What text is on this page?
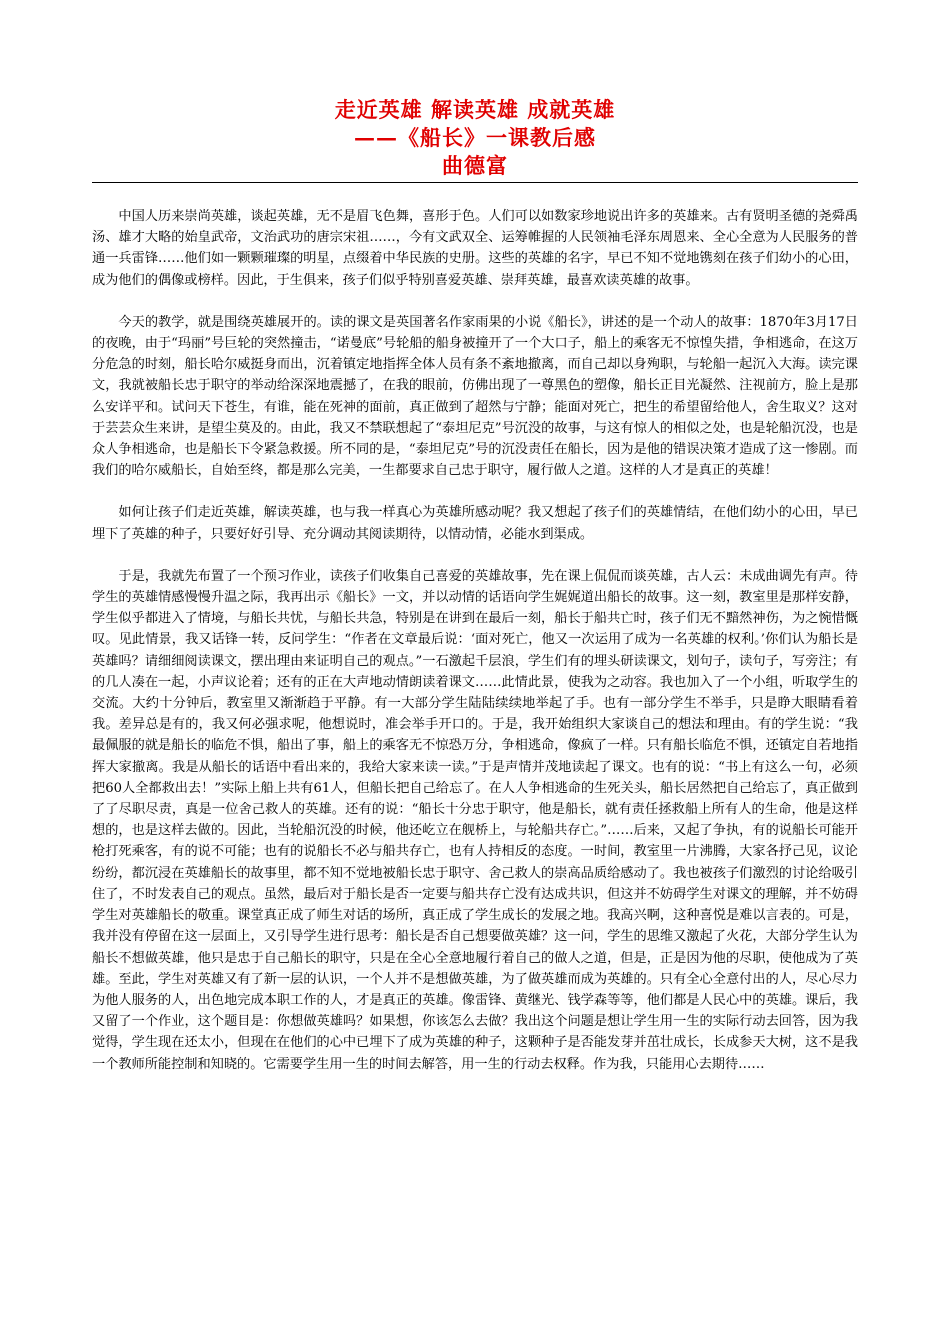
走近英雄 解读英雄 成就英雄
——《船长》一课教后感
曲德富

中国人历来崇尚英雄，谈起英雄，无不是眉飞色舞，喜形于色。人们可以如数家珍地说出许多的英雄来。古有贤明圣德的尧舜禹汤、雄才大略的始皇武帝，文治武功的唐宗宋祖……，今有文武双全、运筹帷握的人民领袖毛泽东周恩来、全心全意为人民服务的普通一兵雷锋……他们如一颗颗璀璨的明星，点缀着中华民族的史册。这些的英雄的名字，早已不知不觉地镌刻在孩子们幼小的心田，成为他们的偶像或榜样。因此，于生俱来，孩子们似乎特别喜爱英雄、崇拜英雄，最喜欢读英雄的故事。

今天的教学，就是围绕英雄展开的。读的课文是英国著名作家雨果的小说《船长》，讲述的是一个动人的故事：1870年3月17日的夜晚，由于“玛丽”号巨轮的突然撞击，“诺曼底”号轮船的船身被撞开了一个大口子，船上的乘客无不惊惶失措，争相逃命，在这万分危急的时刻，船长哈尔威挺身而出，沉着镇定地指挥全体人员有条不紊地撤离，而自己却以身殉职，与轮船一起沉入大海。读完课文，我就被船长忠于职守的举动给深深地震撼了，在我的眼前，仿佛出现了一尊黑色的塑像，船长正目光凝然、注视前方，脸上是那么安详平和。试问天下苍生，有谁，能在死神的面前，真正做到了超然与宁静；能面对死亡，把生的希望留给他人，舍生取义？这对于芸芸众生来讲，是望尘莫及的。由此，我又不禁联想起了“泰坦尼克”号沉没的故事，与这有惊人的相似之处，也是轮船沉没，也是众人争相逃命，也是船长下令紧急救援。所不同的是，“泰坦尼克”号的沉没责任在船长，因为是他的错误决策才造成了这一惨剧。而我们的哈尔威船长，自始至终，都是那么完美，一生都要求自己忠于职守，履行做人之道。这样的人才是真正的英雄！

如何让孩子们走近英雄，解读英雄，也与我一样真心为英雄所感动呢？我又想起了孩子们的英雄情结，在他们幼小的心田，早已埋下了英雄的种子，只要好好引导、充分调动其阅读期待，以情动情，必能水到渠成。

于是，我就先布置了一个预习作业，读孩子们收集自己喜爱的英雄故事，先在课上侃侃而谈英雄，古人云：未成曲调先有声。待学生的英雄情感慢慢升温之际，我再出示《船长》一文，并以动情的话语向学生娓娓道出船长的故事。这一刻，教室里是那样安静，学生似乎都进入了情境，与船长共忧，与船长共急，特别是在讲到在最后一刻，船长于船共亡时，孩子们无不黯然神伤，为之惋惜慨叹。见此情景，我又话锋一转，反问学生：“作者在文章最后说：‘面对死亡，他又一次运用了成为一名英雄的权利。’你们认为船长是英雄吗？请细细阅读课文，摆出理由来证明自己的观点。”一石激起千层浪，学生们有的埋头研读课文，划句子，读句子，写旁注；有的几人凑在一起，小声议论着；还有的正在大声地动情朗读着课文……此情此景，使我为之动容。我也加入了一个小组，听取学生的交流。大约十分钟后，教室里又渐渐趋于平静。有一大部分学生陆陆续续地举起了手。也有一部分学生不举手，只是睁大眼睛看着我。差异总是有的，我又何必强求呢，他想说时，准会举手开口的。于是，我开始组织大家谈自己的想法和理由。有的学生说：“我最佩服的就是船长的临危不惧，船出了事，船上的乘客无不惊恐万分，争相逃命，像疯了一样。只有船长临危不惧，还镇定自若地指挥大家撤离。我是从船长的话语中看出来的，我给大家来读一读。”于是声情并茂地读起了课文。也有的说：“书上有这么一句，必须把60人全都救出去！”实际上船上共有61人，但船长把自己给忘了。在人人争相逃命的生死关头，船长居然把自己给忘了，真正做到了了尽职尽责，真是一位舍己救人的英雄。还有的说：“船长十分忠于职守，他是船长，就有责任拯救船上所有人的生命，他是这样想的，也是这样去做的。因此，当轮船沉没的时候，他还屹立在舰桥上，与轮船共存亡。”……后来，又起了争执，有的说船长可能开枪打死乘客，有的说不可能；也有的说船长不必与船共存亡，也有人持相反的态度。一时间，教室里一片沸腾，大家各抒己见，议论纷纷，都沉浸在英雄船长的故事里，都不知不觉地被船长忠于职守、舍己救人的崇高品质给感动了。我也被孩子们激烈的讨论给吸引住了，不时发表自己的观点。虽然，最后对于船长是否一定要与船共存亡没有达成共识，但这并不妨碍学生对课文的理解，并不妨碍学生对英雄船长的敬重。课堂真正成了师生对话的场所，真正成了学生成长的发展之地。我高兴啊，这种喜悦是难以言表的。可是，我并没有停留在这一层面上，又引导学生进行思考：船长是否自己想要做英雄？这一问，学生的思维又激起了火花，大部分学生认为船长不想做英雄，他只是忠于自己船长的职守，只是在全心全意地履行着自己的做人之道，但是，正是因为他的尽职，使他成为了英雄。至此，学生对英雄又有了新一层的认识，一个人并不是想做英雄，为了做英雄而成为英雄的。只有全心全意付出的人，尽心尽力为他人服务的人，出色地完成本职工作的人，才是真正的英雄。像雷锋、黄继光、钱学森等等，他们都是人民心中的英雄。课后，我又留了一个作业，这个题目是：你想做英雄吗？如果想，你该怎么去做？我出这个问题是想让学生用一生的实际行动去回答，因为我觉得，学生现在还太小，但现在在他们的心中已埋下了成为英雄的种子，这颗种子是否能发芽并茁壮成长，长成参天大树，这不是我一个教师所能控制和知晓的。它需要学生用一生的时间去解答，用一生的行动去权释。作为我，只能用心去期待……
